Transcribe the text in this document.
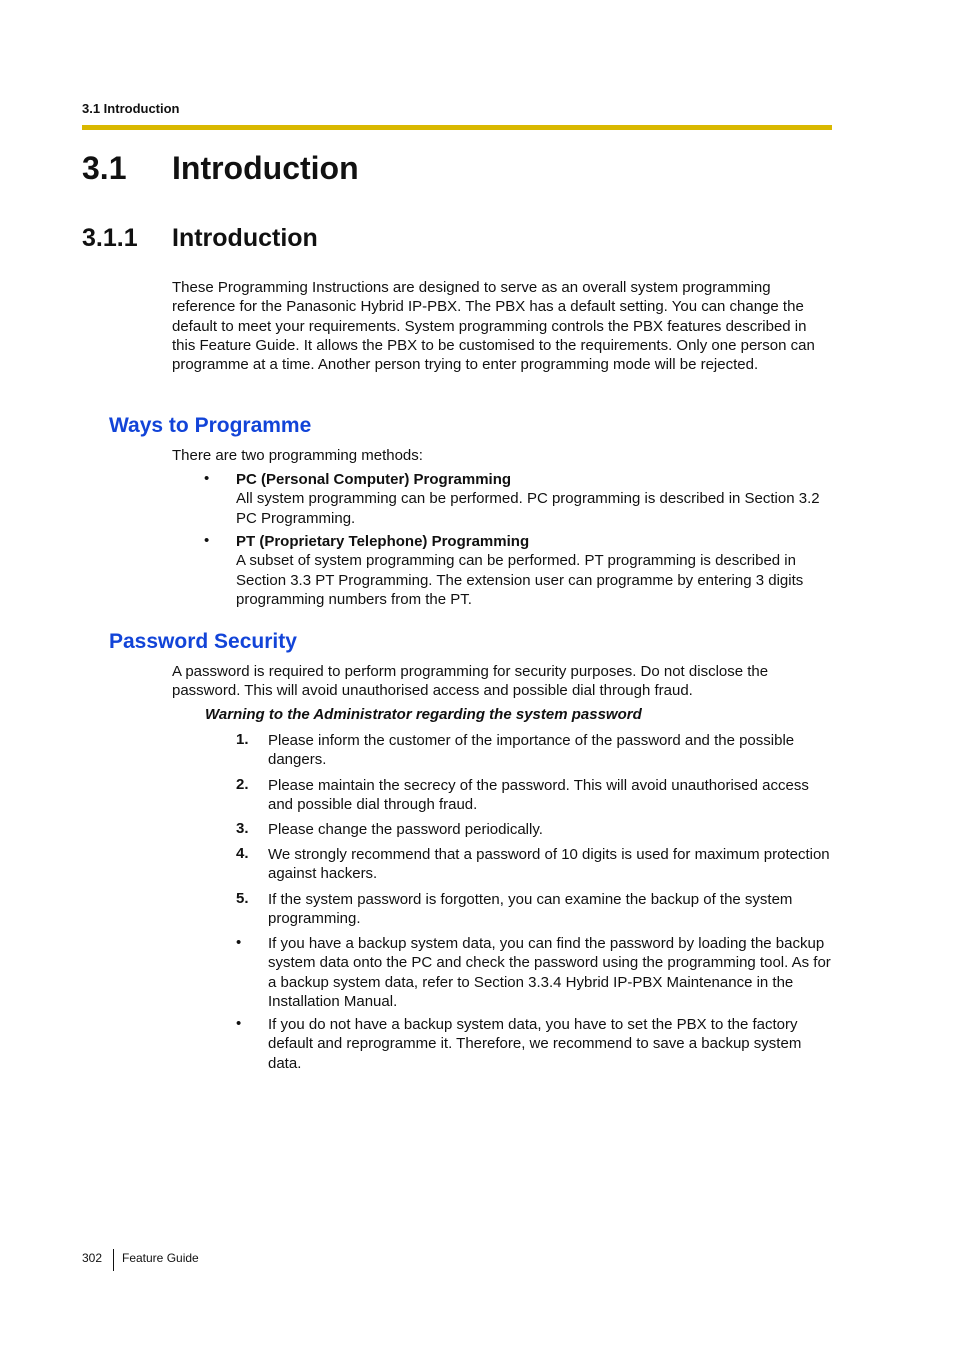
3.1 Introduction
3.1 Introduction
3.1.1 Introduction
These Programming Instructions are designed to serve as an overall system programming reference for the Panasonic Hybrid IP-PBX. The PBX has a default setting. You can change the default to meet your requirements. System programming controls the PBX features described in this Feature Guide. It allows the PBX to be customised to the requirements. Only one person can programme at a time. Another person trying to enter programming mode will be rejected.
Ways to Programme
There are two programming methods:
• PC (Personal Computer) Programming
All system programming can be performed. PC programming is described in Section 3.2 PC Programming.
• PT (Proprietary Telephone) Programming
A subset of system programming can be performed. PT programming is described in Section 3.3 PT Programming. The extension user can programme by entering 3 digits programming numbers from the PT.
Password Security
A password is required to perform programming for security purposes. Do not disclose the password. This will avoid unauthorised access and possible dial through fraud.
Warning to the Administrator regarding the system password
1. Please inform the customer of the importance of the password and the possible dangers.
2. Please maintain the secrecy of the password. This will avoid unauthorised access and possible dial through fraud.
3. Please change the password periodically.
4. We strongly recommend that a password of 10 digits is used for maximum protection against hackers.
5. If the system password is forgotten, you can examine the backup of the system programming.
• If you have a backup system data, you can find the password by loading the backup system data onto the PC and check the password using the programming tool. As for a backup system data, refer to Section 3.3.4 Hybrid IP-PBX Maintenance in the Installation Manual.
• If you do not have a backup system data, you have to set the PBX to the factory default and reprogramme it. Therefore, we recommend to save a backup system data.
302 Feature Guide
